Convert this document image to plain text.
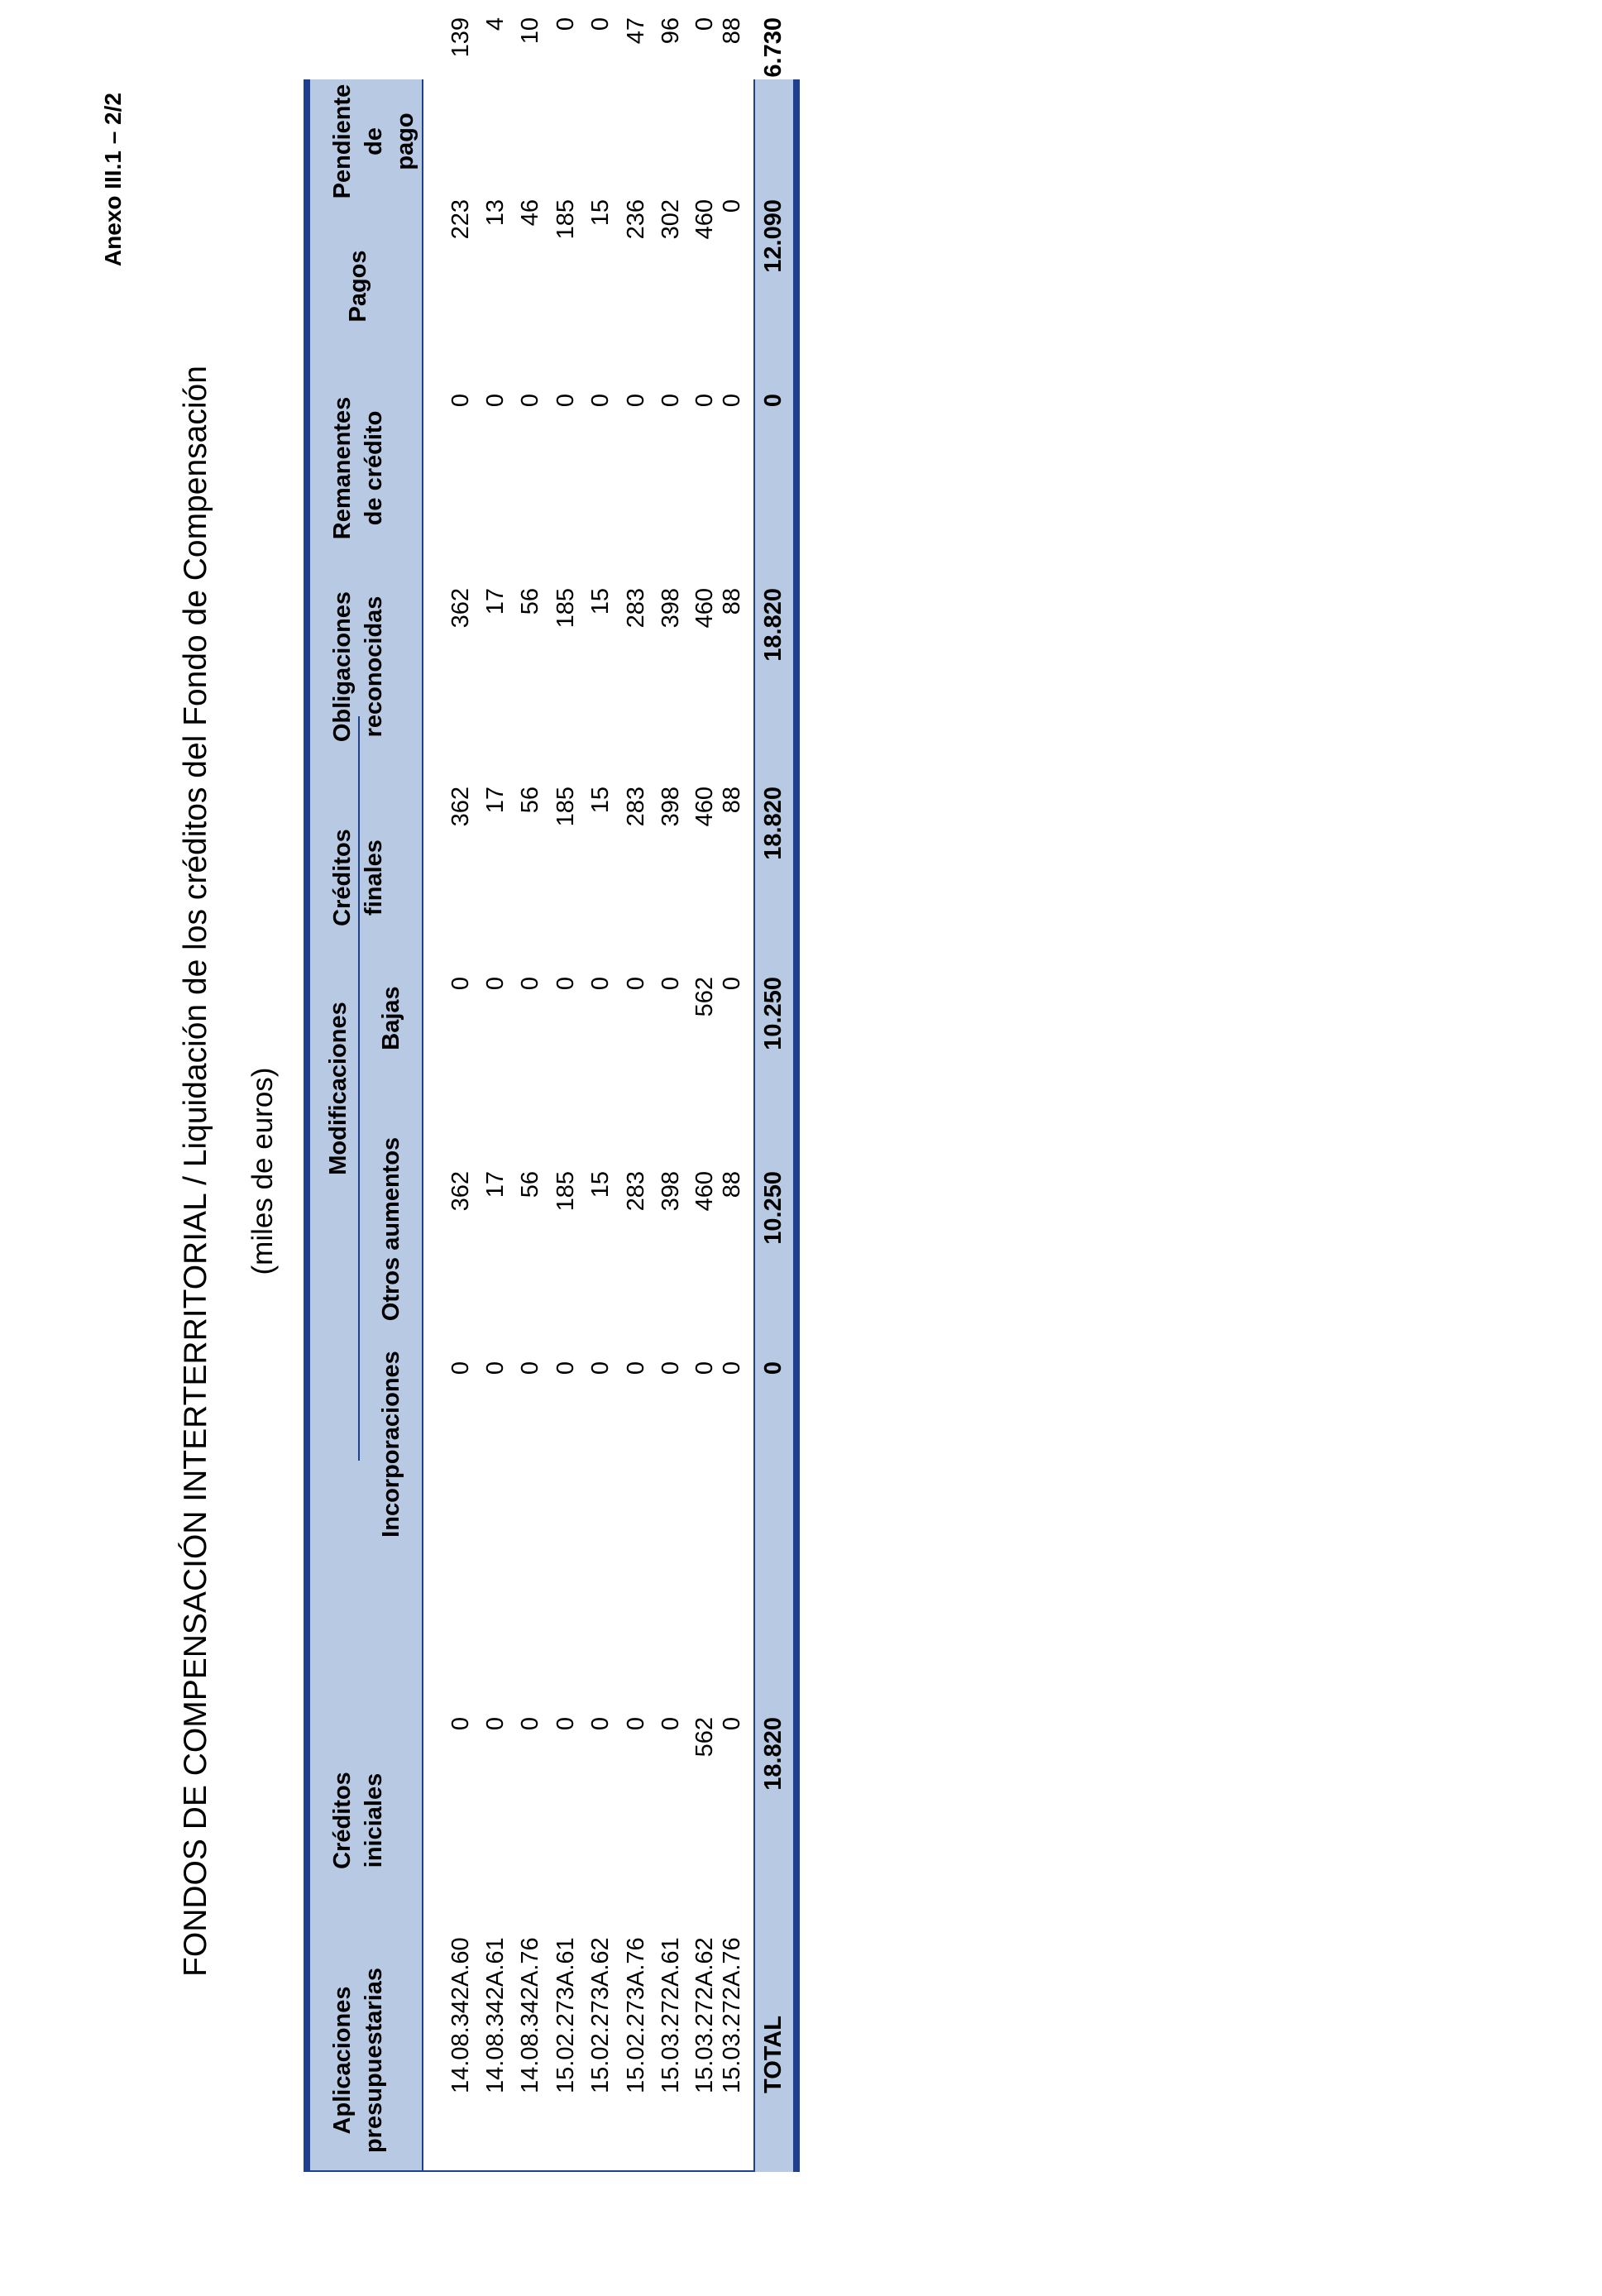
Anexo III.1 – 2/2
FONDOS DE COMPENSACIÓN INTERTERRITORIAL / Liquidación de los créditos del Fondo de Compensación (miles de euros)
Aplicaciones presupuestarias
Créditos iniciales
Modificaciones
Incorporaciones
Otros aumentos
Bajas
Créditos finales
Obligaciones reconocidas
Remanentes de crédito
Pagos
Pendiente de pago
14.08.342A.60
0
0
362
0
362
362
0
223
139
14.08.342A.61
0
0
17
0
17
17
0
13
4
14.08.342A.76
0
0
56
0
56
56
0
46
10
15.02.273A.61
0
0
185
0
185
185
0
185
0
15.02.273A.62
0
0
15
0
15
15
0
15
0
15.02.273A.76
0
0
283
0
283
283
0
236
47
15.03.272A.61
0
0
398
0
398
398
0
302
96
15.03.272A.62
562
0
460
562
460
460
0
460
0
15.03.272A.76
0
0
88
0
88
88
0
0
88
TOTAL
18.820
0
10.250
10.250
18.820
18.820
0
12.090
6.730
